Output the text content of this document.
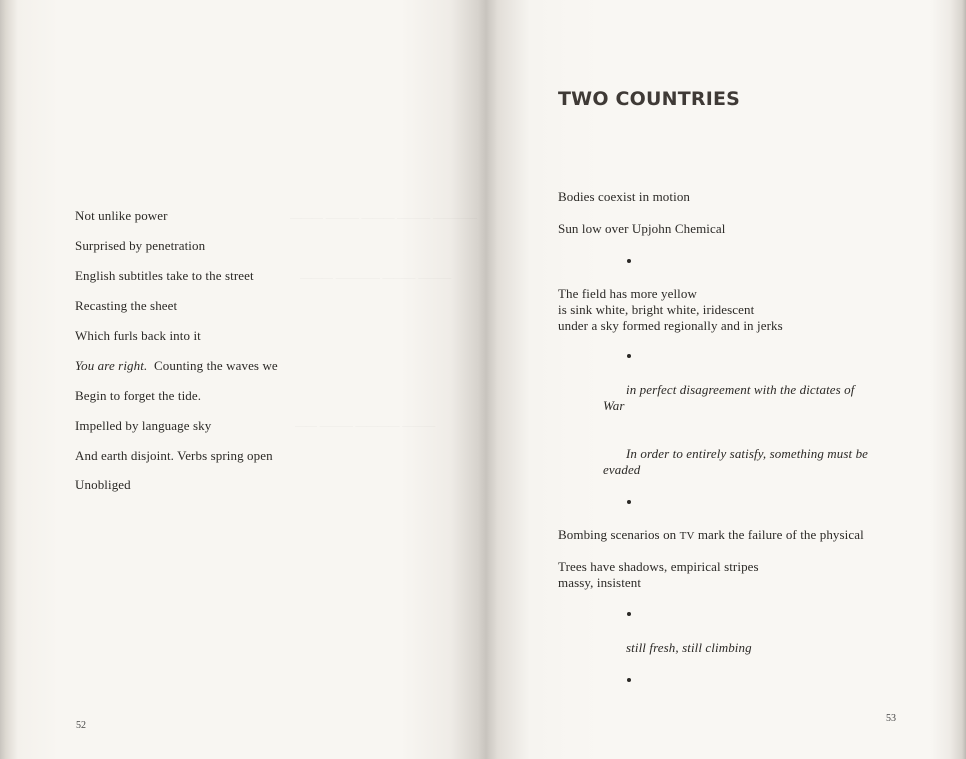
———— ——— ——— ——— ———
——— ——— ———— ———
——— ———— ——— ——
Not unlike power
Surprised by penetration
English subtitles take to the street
Recasting the sheet
Which furls back into it
You are right.  Counting the waves we
Begin to forget the tide.
Impelled by language sky
And earth disjoint. Verbs spring open
Unobliged
52
TWO COUNTRIES
Bodies coexist in motion
Sun low over Upjohn Chemical
The field has more yellow
is sink white, bright white, iridescent
under a sky formed regionally and in jerks
in perfect disagreement with the dictates of
War
In order to entirely satisfy, something must be
evaded
Bombing scenarios on TV mark the failure of the physical
Trees have shadows, empirical stripes
massy, insistent
still fresh, still climbing
53
